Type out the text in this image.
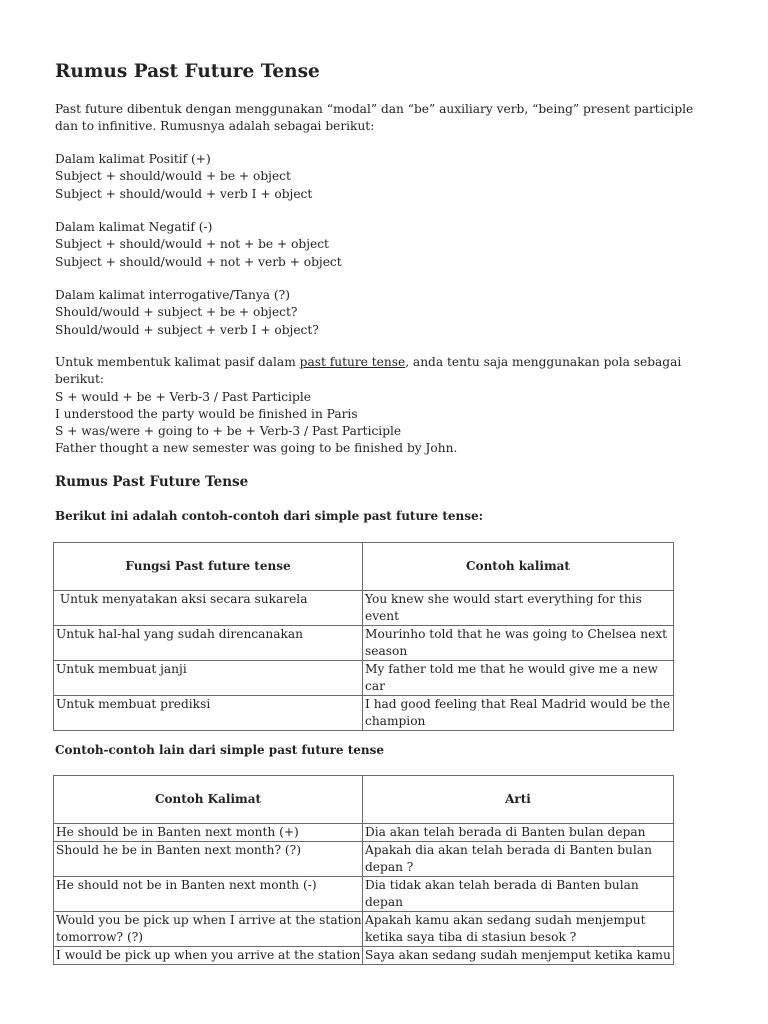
Rumus Past Future Tense
Past future dibentuk dengan menggunakan “modal” dan “be” auxiliary verb, “being” present participle
dan to infinitive. Rumusnya adalah sebagai berikut:
Dalam kalimat Positif (+)
Subject + should/would + be + object
Subject + should/would + verb I + object
Dalam kalimat Negatif (-)
Subject + should/would + not + be + object
Subject + should/would + not + verb + object
Dalam kalimat interrogative/Tanya (?)
Should/would + subject + be + object?
Should/would + subject + verb I + object?
Untuk membentuk kalimat pasif dalam past future tense, anda tentu saja menggunakan pola sebagai
berikut:
S + would + be + Verb-3 / Past Participle
I understood the party would be finished in Paris
S + was/were + going to + be + Verb-3 / Past Participle
Father thought a new semester was going to be finished by John.
Rumus Past Future Tense
Berikut ini adalah contoh-contoh dari simple past future tense:
Fungsi Past future tense	Contoh kalimat
Untuk menyatakan aksi secara sukarela	You knew she would start everything for this event
Untuk hal-hal yang sudah direncanakan	Mourinho told that he was going to Chelsea next season
Untuk membuat janji	My father told me that he would give me a new car
Untuk membuat prediksi	I had good feeling that Real Madrid would be the champion
Contoh-contoh lain dari simple past future tense
Contoh Kalimat	Arti
He should be in Banten next month (+)	Dia akan telah berada di Banten bulan depan
Should he be in Banten next month? (?)	Apakah dia akan telah berada di Banten bulan depan ?
He should not be in Banten next month (-)	Dia tidak akan telah berada di Banten bulan depan
Would you be pick up when I arrive at the station tomorrow? (?)	Apakah kamu akan sedang sudah menjemput ketika saya tiba di stasiun besok ?
I would be pick up when you arrive at the station	Saya akan sedang sudah menjemput ketika kamu
